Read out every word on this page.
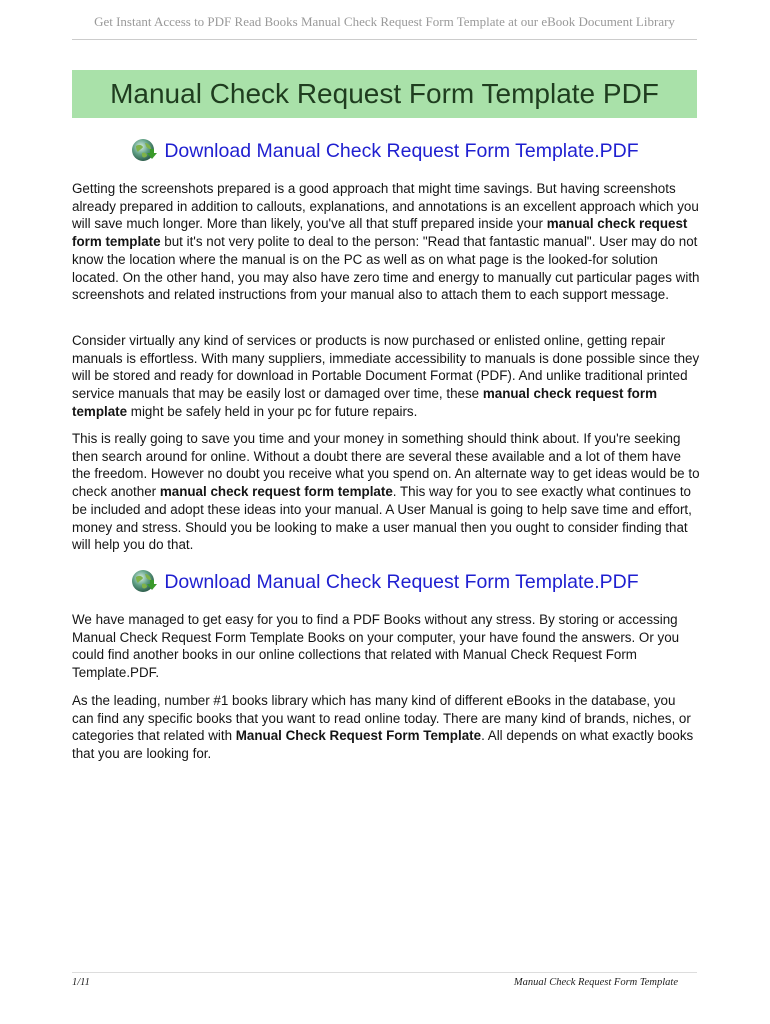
Get Instant Access to PDF Read Books Manual Check Request Form Template at our eBook Document Library
Manual Check Request Form Template PDF
Download Manual Check Request Form Template.PDF

Getting the screenshots prepared is a good approach that might time savings. But having screenshots already prepared in addition to callouts, explanations, and annotations is an excellent approach which you will save much longer. More than likely, you've all that stuff prepared inside your manual check request form template but it's not very polite to deal to the person: "Read that fantastic manual". User may do not know the location where the manual is on the PC as well as on what page is the looked-for solution located. On the other hand, you may also have zero time and energy to manually cut particular pages with screenshots and related instructions from your manual also to attach them to each support message.

Consider virtually any kind of services or products is now purchased or enlisted online, getting repair manuals is effortless. With many suppliers, immediate accessibility to manuals is done possible since they will be stored and ready for download in Portable Document Format (PDF). And unlike traditional printed service manuals that may be easily lost or damaged over time, these manual check request form template might be safely held in your pc for future repairs.

This is really going to save you time and your money in something should think about. If you're seeking then search around for online. Without a doubt there are several these available and a lot of them have the freedom. However no doubt you receive what you spend on. An alternate way to get ideas would be to check another manual check request form template. This way for you to see exactly what continues to be included and adopt these ideas into your manual. A User Manual is going to help save time and effort, money and stress. Should you be looking to make a user manual then you ought to consider finding that will help you do that.

Download Manual Check Request Form Template.PDF

We have managed to get easy for you to find a PDF Books without any stress. By storing or accessing Manual Check Request Form Template Books on your computer, your have found the answers. Or you could find another books in our online collections that related with Manual Check Request Form Template.PDF.

As the leading, number #1 books library which has many kind of different eBooks in the database, you can find any specific books that you want to read online today. There are many kind of brands, niches, or categories that related with Manual Check Request Form Template. All depends on what exactly books that you are looking for.

1/11	Manual Check Request Form Template
